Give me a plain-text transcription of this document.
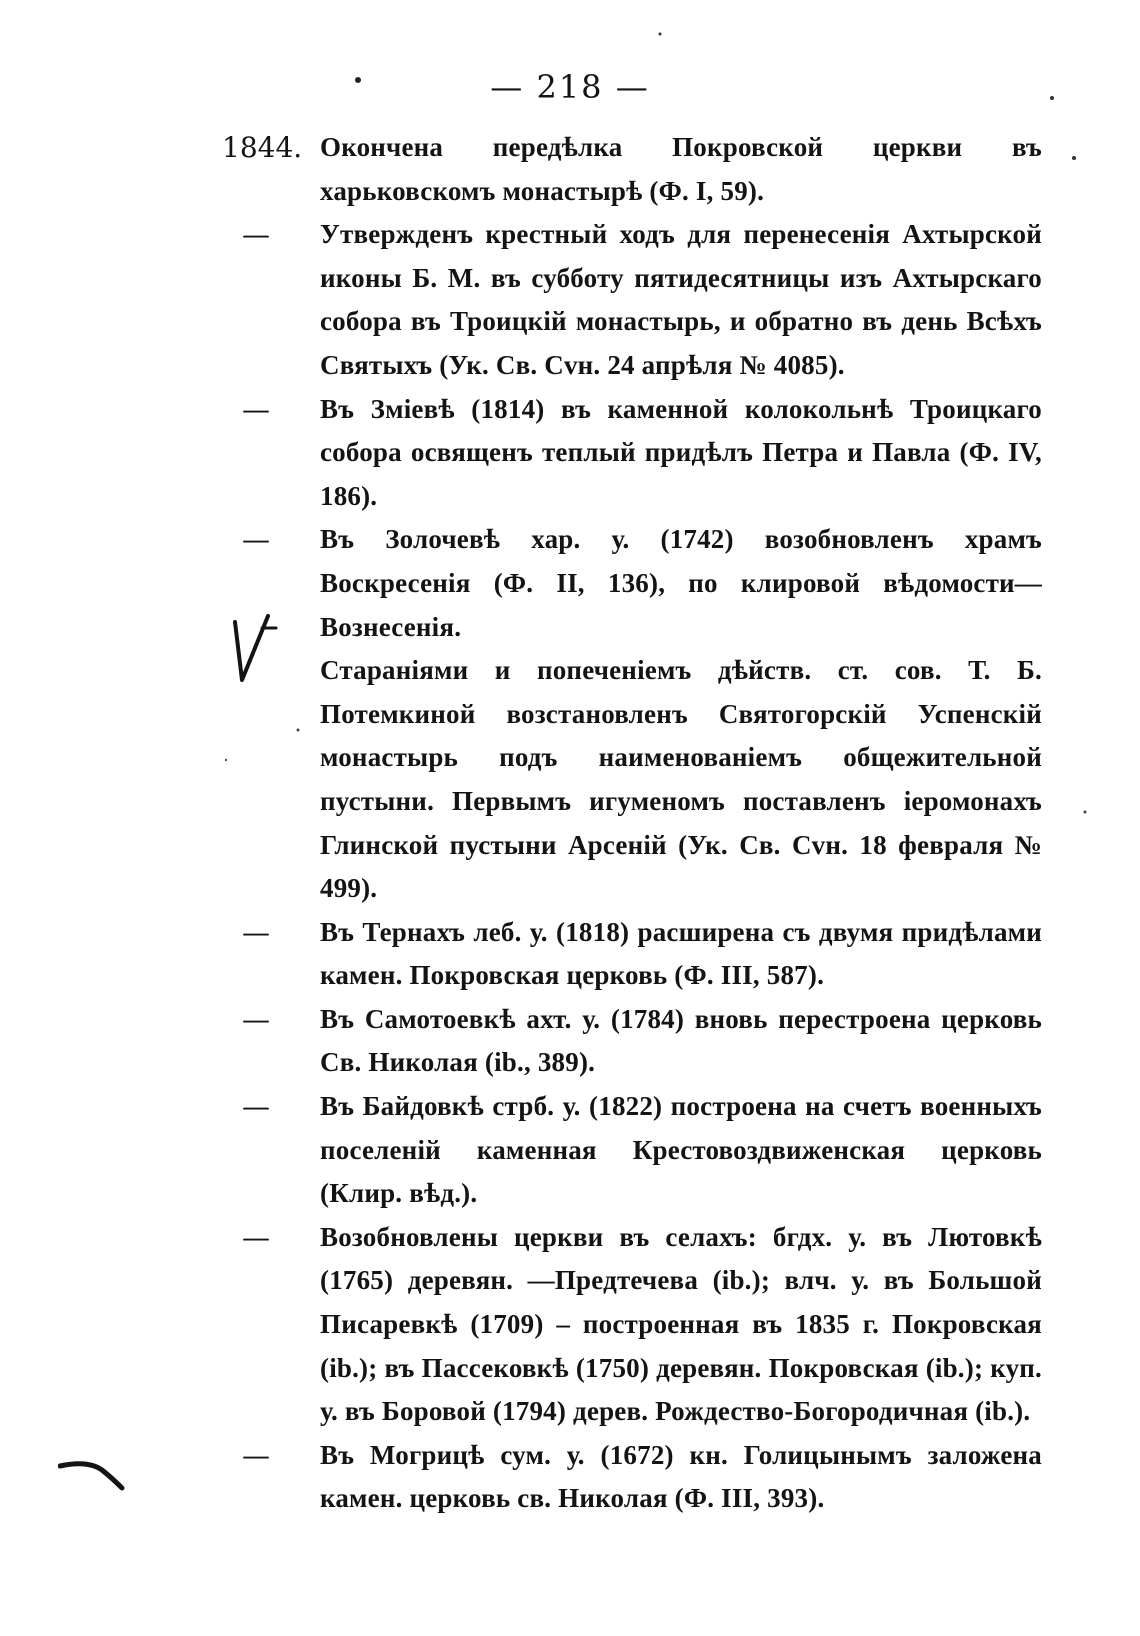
— 218 —
1844. Окончена передѣлка Покровской церкви въ харьковскомъ монастырѣ (Ф. I, 59).
—	Утвержденъ крестный ходъ для перенесенія Ахтырской иконы Б. М. въ субботу пятидесятницы изъ Ахтырскаго собора въ Троицкій монастырь, и обратно въ день Всѣхъ Святыхъ (Ук. Св. Сvн. 24 апрѣля № 4085).
—	Въ Змiевѣ (1814) въ каменной колокольнѣ Троицкаго собора освященъ теплый придѣлъ Петра и Павла (Ф. IV, 186).
—	Въ Золочевѣ хар. у. (1742) возобновленъ храмъ Воскресенія (Ф. II, 136), по клировой вѣдомости—Вознесенія.
Стараніями и попеченіемъ дѣйств. ст. сов. Т. Б. Потемкиной возстановленъ Святогорскій Успенскій монастырь подъ наименованіемъ общежительной пустыни. Первымъ игуменомъ поставленъ іеромонахъ Глинской пустыни Арсеній (Ук. Св. Сvн. 18 февраля № 499).
—	Въ Тернахъ леб. у. (1818) расширена съ двумя придѣлами камен. Покровская церковь (Ф. III, 587).
—	Въ Самотоевкѣ ахт. у. (1784) вновь перестроена церковь Св. Николая (ib., 389).
—	Въ Байдовкѣ стрб. у. (1822) построена на счетъ военныхъ поселеній каменная Крестовоздвиженская церковь (Клир. вѣд.).
—	Возобновлены церкви въ селахъ: бгдх. у. въ Лютовкѣ (1765) деревян. —Предтечева (ib.); влч. у. въ Большой Писаревкѣ (1709) – построенная въ 1835 г. Покровская (ib.); въ Пассековкѣ (1750) деревян. Покровская (ib.); куп. у. въ Боровой (1794) дерев. Рождество-Богородичная (ib.).
—	Въ Могрицѣ сум. у. (1672) кн. Голицынымъ заложена камен. церковь св. Николая (Ф. III, 393).
